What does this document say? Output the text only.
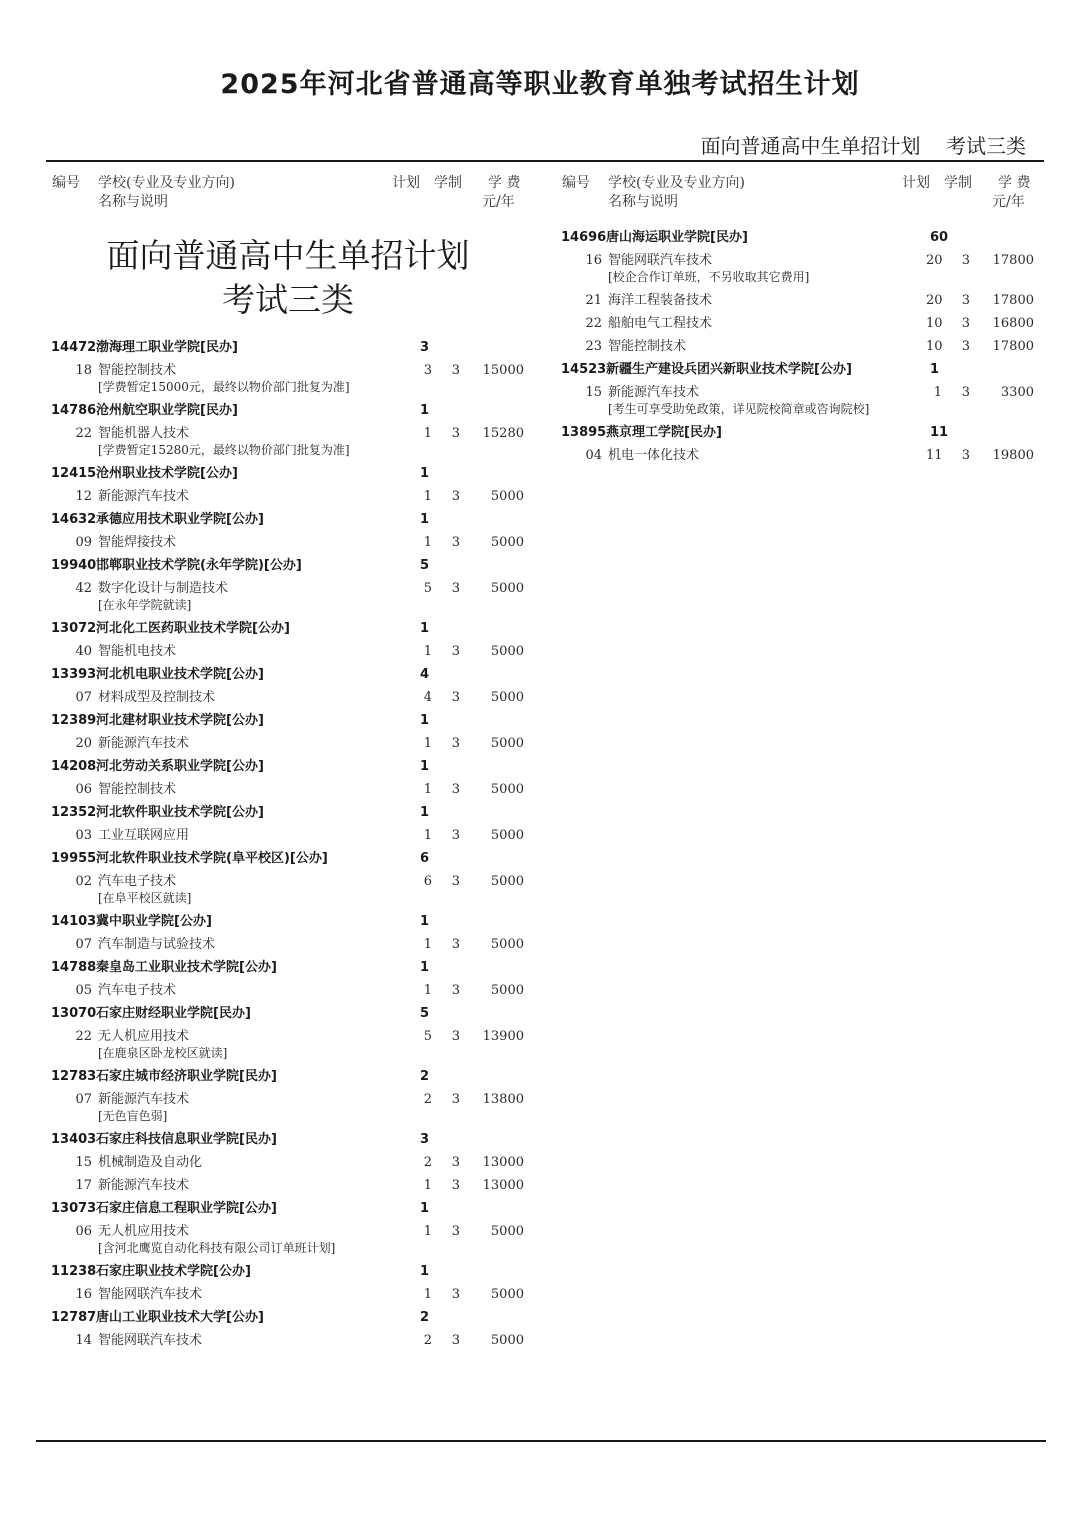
2025年河北省普通高等职业教育单独考试招生计划
面向普通高中生单招计划    考试三类
编号 学校(专业及专业方向)
名称与说明
计划 学制 学 费
元/年
面向普通高中生单招计划
考试三类
14472 渤海理工职业学院[民办]	3
18 智能控制技术	3 3	15000
[学费暂定15000元，最终以物价部门批复为准]
14786 沧州航空职业学院[民办]	1
22 智能机器人技术	1 3	15280
[学费暂定15280元，最终以物价部门批复为准]
12415 沧州职业技术学院[公办]	1
12 新能源汽车技术	1 3	5000
14632 承德应用技术职业学院[公办]	1
09 智能焊接技术	1 3	5000
19940 邯郸职业技术学院(永年学院)[公办]	5
42 数字化设计与制造技术	5 3	5000
[在永年学院就读]
13072 河北化工医药职业技术学院[公办]	1
40 智能机电技术	1 3	5000
13393 河北机电职业技术学院[公办]	4
07 材料成型及控制技术	4 3	5000
12389 河北建材职业技术学院[公办]	1
20 新能源汽车技术	1 3	5000
14208 河北劳动关系职业学院[公办]	1
06 智能控制技术	1 3	5000
12352 河北软件职业技术学院[公办]	1
03 工业互联网应用	1 3	5000
19955 河北软件职业技术学院(阜平校区)[公办]	6
02 汽车电子技术	6 3	5000
[在阜平校区就读]
14103 冀中职业学院[公办]	1
07 汽车制造与试验技术	1 3	5000
14788 秦皇岛工业职业技术学院[公办]	1
05 汽车电子技术	1 3	5000
13070 石家庄财经职业学院[民办]	5
22 无人机应用技术	5 3	13900
[在鹿泉区卧龙校区就读]
12783 石家庄城市经济职业学院[民办]	2
07 新能源汽车技术	2 3	13800
[无色盲色弱]
13403 石家庄科技信息职业学院[民办]	3
15 机械制造及自动化	2 3	13000
17 新能源汽车技术	1 3	13000
13073 石家庄信息工程职业学院[公办]	1
06 无人机应用技术	1 3	5000
[含河北鹰览自动化科技有限公司订单班计划]
11238 石家庄职业技术学院[公办]	1
16 智能网联汽车技术	1 3	5000
12787 唐山工业职业技术大学[公办]	2
14 智能网联汽车技术	2 3	5000
编号 学校(专业及专业方向)
名称与说明
计划 学制 学 费
元/年
14696 唐山海运职业学院[民办]	60
16 智能网联汽车技术	20 3	17800
[校企合作订单班，不另收取其它费用]
21 海洋工程装备技术	20 3	17800
22 船舶电气工程技术	10 3	16800
23 智能控制技术	10 3	17800
14523 新疆生产建设兵团兴新职业技术学院[公办]	1
15 新能源汽车技术	1 3	3300
[考生可享受助免政策，详见院校简章或咨询院校]
13895 燕京理工学院[民办]	11
04 机电一体化技术	11 3	19800
